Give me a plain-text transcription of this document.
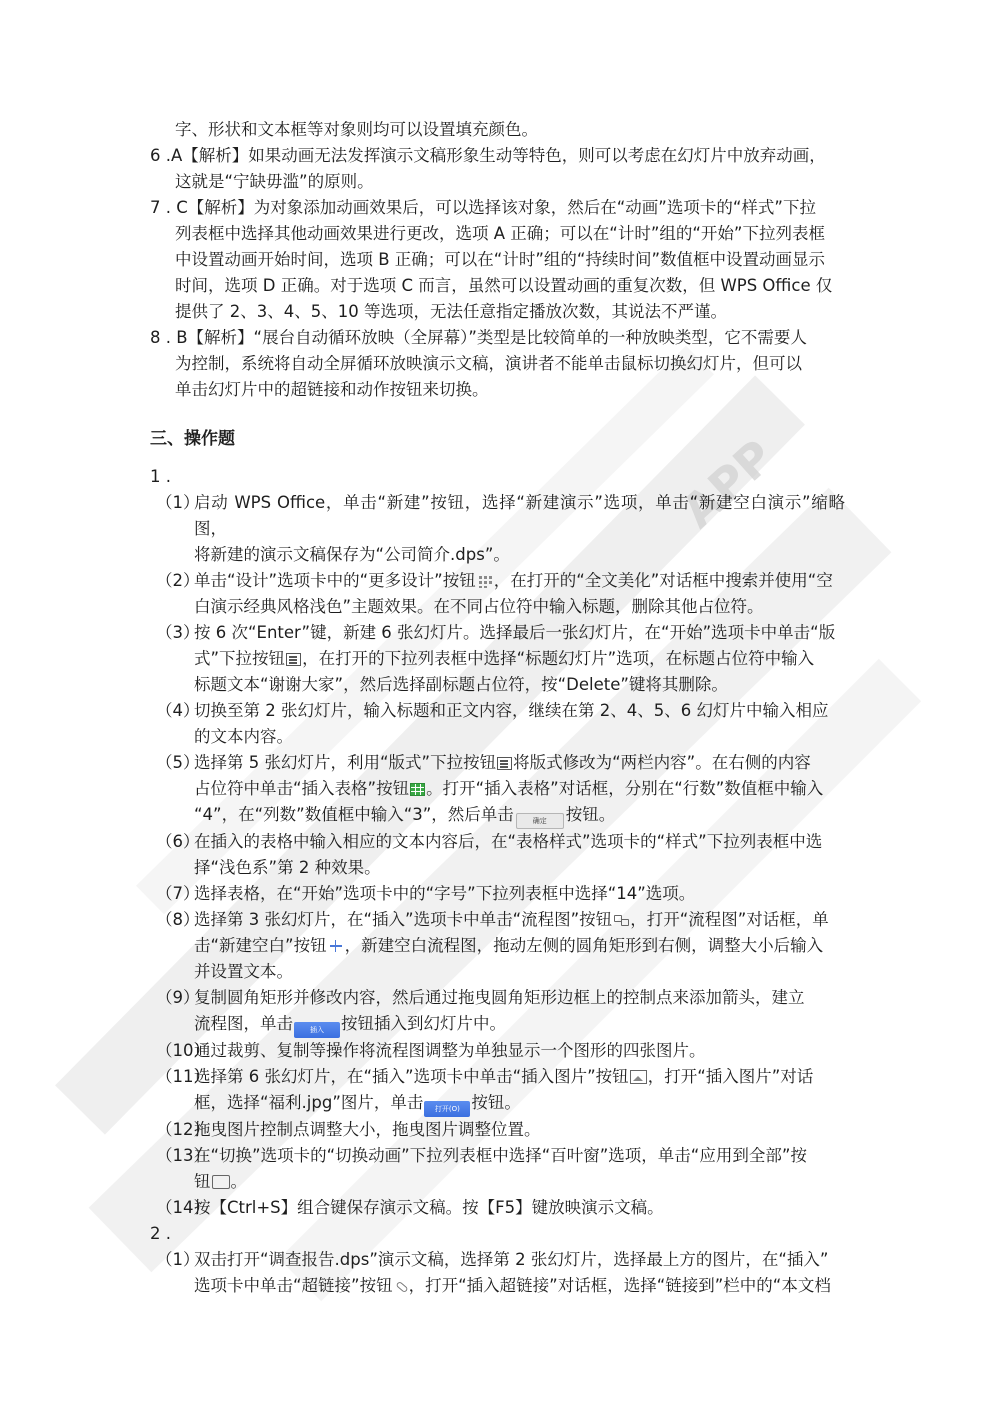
APP
字、形状和文本框等对象则均可以设置填充颜色。
6 . A【解析】如果动画无法发挥演示文稿形象生动等特色，则可以考虑在幻灯片中放弃动画，
这就是“宁缺毋滥”的原则。
7 . C【解析】为对象添加动画效果后，可以选择该对象，然后在“动画”选项卡的“样式”下拉
列表框中选择其他动画效果进行更改，选项 A 正确；可以在“计时”组的“开始”下拉列表框
中设置动画开始时间，选项 B 正确；可以在“计时”组的“持续时间”数值框中设置动画显示
时间，选项 D 正确。对于选项 C 而言，虽然可以设置动画的重复次数，但 WPS Office 仅
提供了 2、3、4、5、10 等选项，无法任意指定播放次数，其说法不严谨。
8 . B【解析】“展台自动循环放映（全屏幕）”类型是比较简单的一种放映类型，它不需要人
为控制，系统将自动全屏循环放映演示文稿，演讲者不能单击鼠标切换幻灯片，但可以
单击幻灯片中的超链接和动作按钮来切换。
三、操作题
1 .
（1）
启动 WPS Office，单击“新建”按钮，选择“新建演示”选项，单击“新建空白演示”缩略图，
将新建的演示文稿保存为“公司简介.dps”。
（2）
单击“设计”选项卡中的“更多设计”按钮 ，在打开的“全文美化”对话框中搜索并使用“空
白演示经典风格浅色”主题效果。在不同占位符中输入标题，删除其他占位符。
（3）
按 6 次“Enter”键，新建 6 张幻灯片。选择最后一张幻灯片，在“开始”选项卡中单击“版
式”下拉按钮 ，在打开的下拉列表框中选择“标题幻灯片”选项，在标题占位符中输入
标题文本“谢谢大家”，然后选择副标题占位符，按“Delete”键将其删除。
（4）
切换至第 2 张幻灯片，输入标题和正文内容，继续在第 2、4、5、6 幻灯片中输入相应
的文本内容。
（5）
选择第 5 张幻灯片，利用“版式”下拉按钮 将版式修改为“两栏内容”。在右侧的内容
占位符中单击“插入表格”按钮 。打开“插入表格”对话框，分别在“行数”数值框中输入
“4”，在“列数”数值框中输入“3”，然后单击	确定 按钮。
（6）
在插入的表格中输入相应的文本内容后，在“表格样式”选项卡的“样式”下拉列表框中选
择“浅色系”第 2 种效果。
（7）
选择表格，在“开始”选项卡中的“字号”下拉列表框中选择“14”选项。
（8）
选择第 3 张幻灯片，在“插入”选项卡中单击“流程图”按钮 ，打开“流程图”对话框，单
击“新建空白”按钮 ，新建空白流程图，拖动左侧的圆角矩形到右侧，调整大小后输入
并设置文本。
（9）
复制圆角矩形并修改内容，然后通过拖曳圆角矩形边框上的控制点来添加箭头，建立
流程图，单击 插入 按钮插入到幻灯片中。
（10）
通过裁剪、复制等操作将流程图调整为单独显示一个图形的四张图片。
（11）
选择第 6 张幻灯片，在“插入”选项卡中单击“插入图片”按钮 ，打开“插入图片”对话
框，选择“福利.jpg”图片，单击 打开(O) 按钮。
（12）
拖曳图片控制点调整大小，拖曳图片调整位置。
（13）
在“切换”选项卡的“切换动画”下拉列表框中选择“百叶窗”选项，单击“应用到全部”按
钮 。
（14）
按【Ctrl+S】组合键保存演示文稿。按【F5】键放映演示文稿。
2 .
（1）
双击打开“调查报告.dps”演示文稿，选择第 2 张幻灯片，选择最上方的图片，在“插入”
选项卡中单击“超链接”按钮 ，打开“插入超链接”对话框，选择“链接到”栏中的“本文档
